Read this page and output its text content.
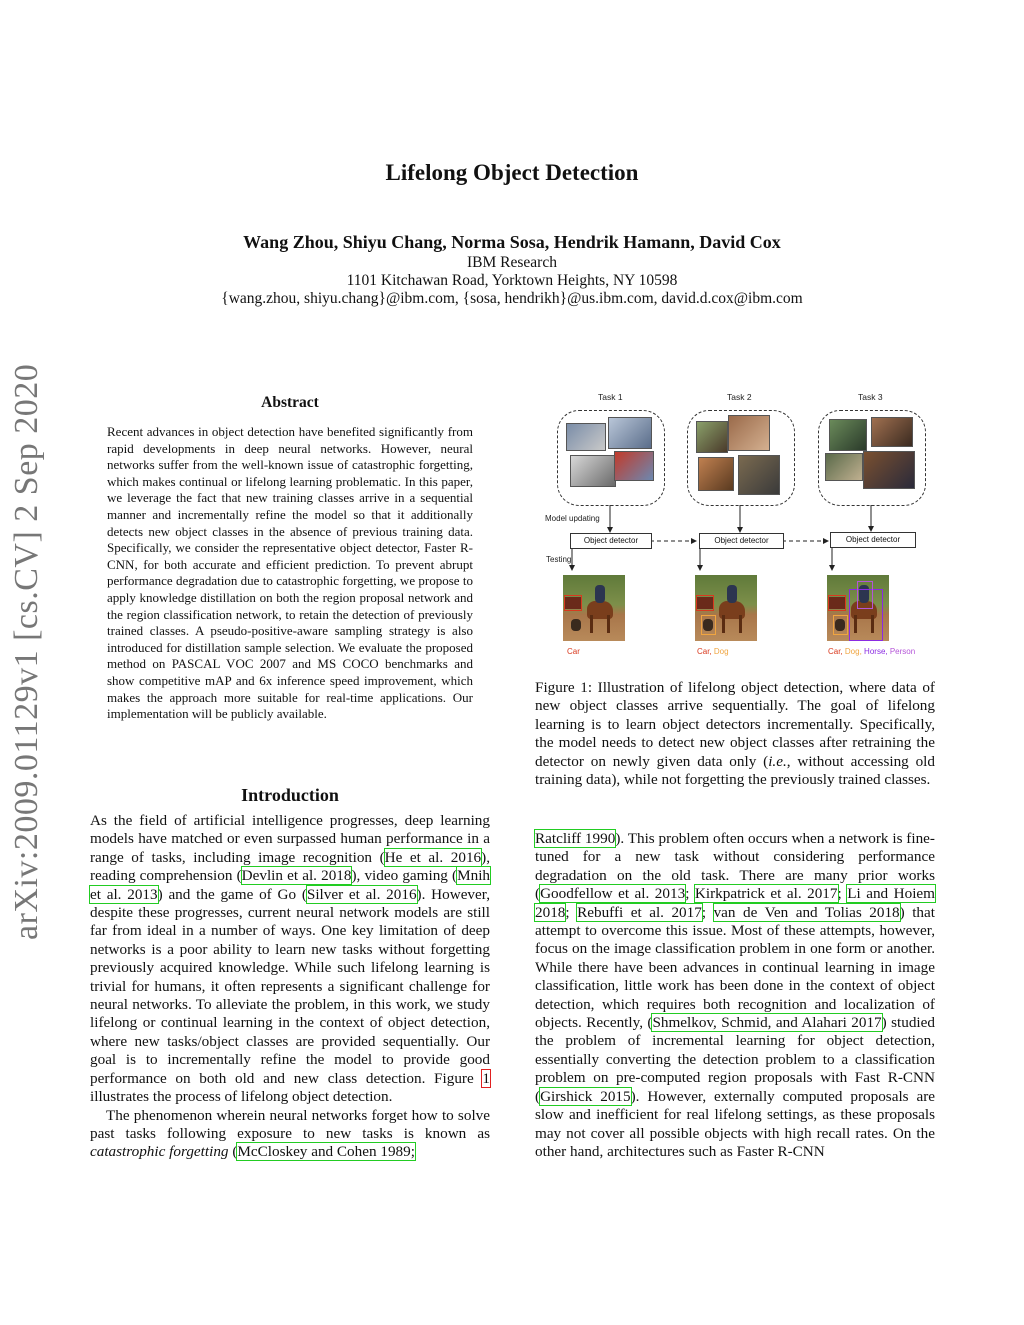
arXiv:2009.01129v1 [cs.CV] 2 Sep 2020
Lifelong Object Detection
Wang Zhou, Shiyu Chang, Norma Sosa, Hendrik Hamann, David Cox
IBM Research
1101 Kitchawan Road, Yorktown Heights, NY 10598
{wang.zhou, shiyu.chang}@ibm.com, {sosa, hendrikh}@us.ibm.com, david.d.cox@ibm.com
Abstract
Recent advances in object detection have benefited significantly from rapid developments in deep neural networks. However, neural networks suffer from the well-known issue of catastrophic forgetting, which makes continual or lifelong learning problematic. In this paper, we leverage the fact that new training classes arrive in a sequential manner and incrementally refine the model so that it additionally detects new object classes in the absence of previous training data. Specifically, we consider the representative object detector, Faster R-CNN, for both accurate and efficient prediction. To prevent abrupt performance degradation due to catastrophic forgetting, we propose to apply knowledge distillation on both the region proposal network and the region classification network, to retain the detection of previously trained classes. A pseudo-positive-aware sampling strategy is also introduced for distillation sample selection. We evaluate the proposed method on PASCAL VOC 2007 and MS COCO benchmarks and show competitive mAP and 6x inference speed improvement, which makes the approach more suitable for real-time applications. Our implementation will be publicly available.
Introduction

As the field of artificial intelligence progresses, deep learning models have matched or even surpassed human performance in a range of tasks, including image recognition (He et al. 2016), reading comprehension (Devlin et al. 2018), video gaming (Mnih et al. 2013) and the game of Go (Silver et al. 2016). However, despite these progresses, current neural network models are still far from ideal in a number of ways. One key limitation of deep networks is a poor ability to learn new tasks without forgetting previously acquired knowledge. While such lifelong learning is trivial for humans, it often represents a significant challenge for neural networks. To alleviate the problem, in this work, we study lifelong or continual learning in the context of object detection, where new tasks/object classes are provided sequentially. Our goal is to incrementally refine the model to provide good performance on both old and new class detection. Figure 1 illustrates the process of lifelong object detection.

The phenomenon wherein neural networks forget how to solve past tasks following exposure to new tasks is known as catastrophic forgetting (McCloskey and Cohen 1989;

Task 1	Task 2	Task 3
Model updating
Testing
Object detector	Object detector	Object detector
Car	Car, Dog	Car, Dog, Horse, Person
Figure 1: Illustration of lifelong object detection, where data of new object classes arrive sequentially. The goal of lifelong learning is to learn object detectors incrementally. Specifically, the model needs to detect new object classes after retraining the detector on newly given data only (i.e., without accessing old training data), while not forgetting the previously trained classes.
Ratcliff 1990). This problem often occurs when a network is fine-tuned for a new task without considering performance degradation on the old task. There are many prior works (Goodfellow et al. 2013; Kirkpatrick et al. 2017; Li and Hoiem 2018; Rebuffi et al. 2017; van de Ven and Tolias 2018) that attempt to overcome this issue. Most of these attempts, however, focus on the image classification problem in one form or another. While there have been advances in continual learning in image classification, little work has been done in the context of object detection, which requires both recognition and localization of objects. Recently, (Shmelkov, Schmid, and Alahari 2017) studied the problem of incremental learning for object detection, essentially converting the detection problem to a classification problem on pre-computed region proposals with Fast R-CNN (Girshick 2015). However, externally computed proposals are slow and inefficient for real lifelong settings, as these proposals may not cover all possible objects with high recall rates. On the other hand, architectures such as Faster R-CNN
